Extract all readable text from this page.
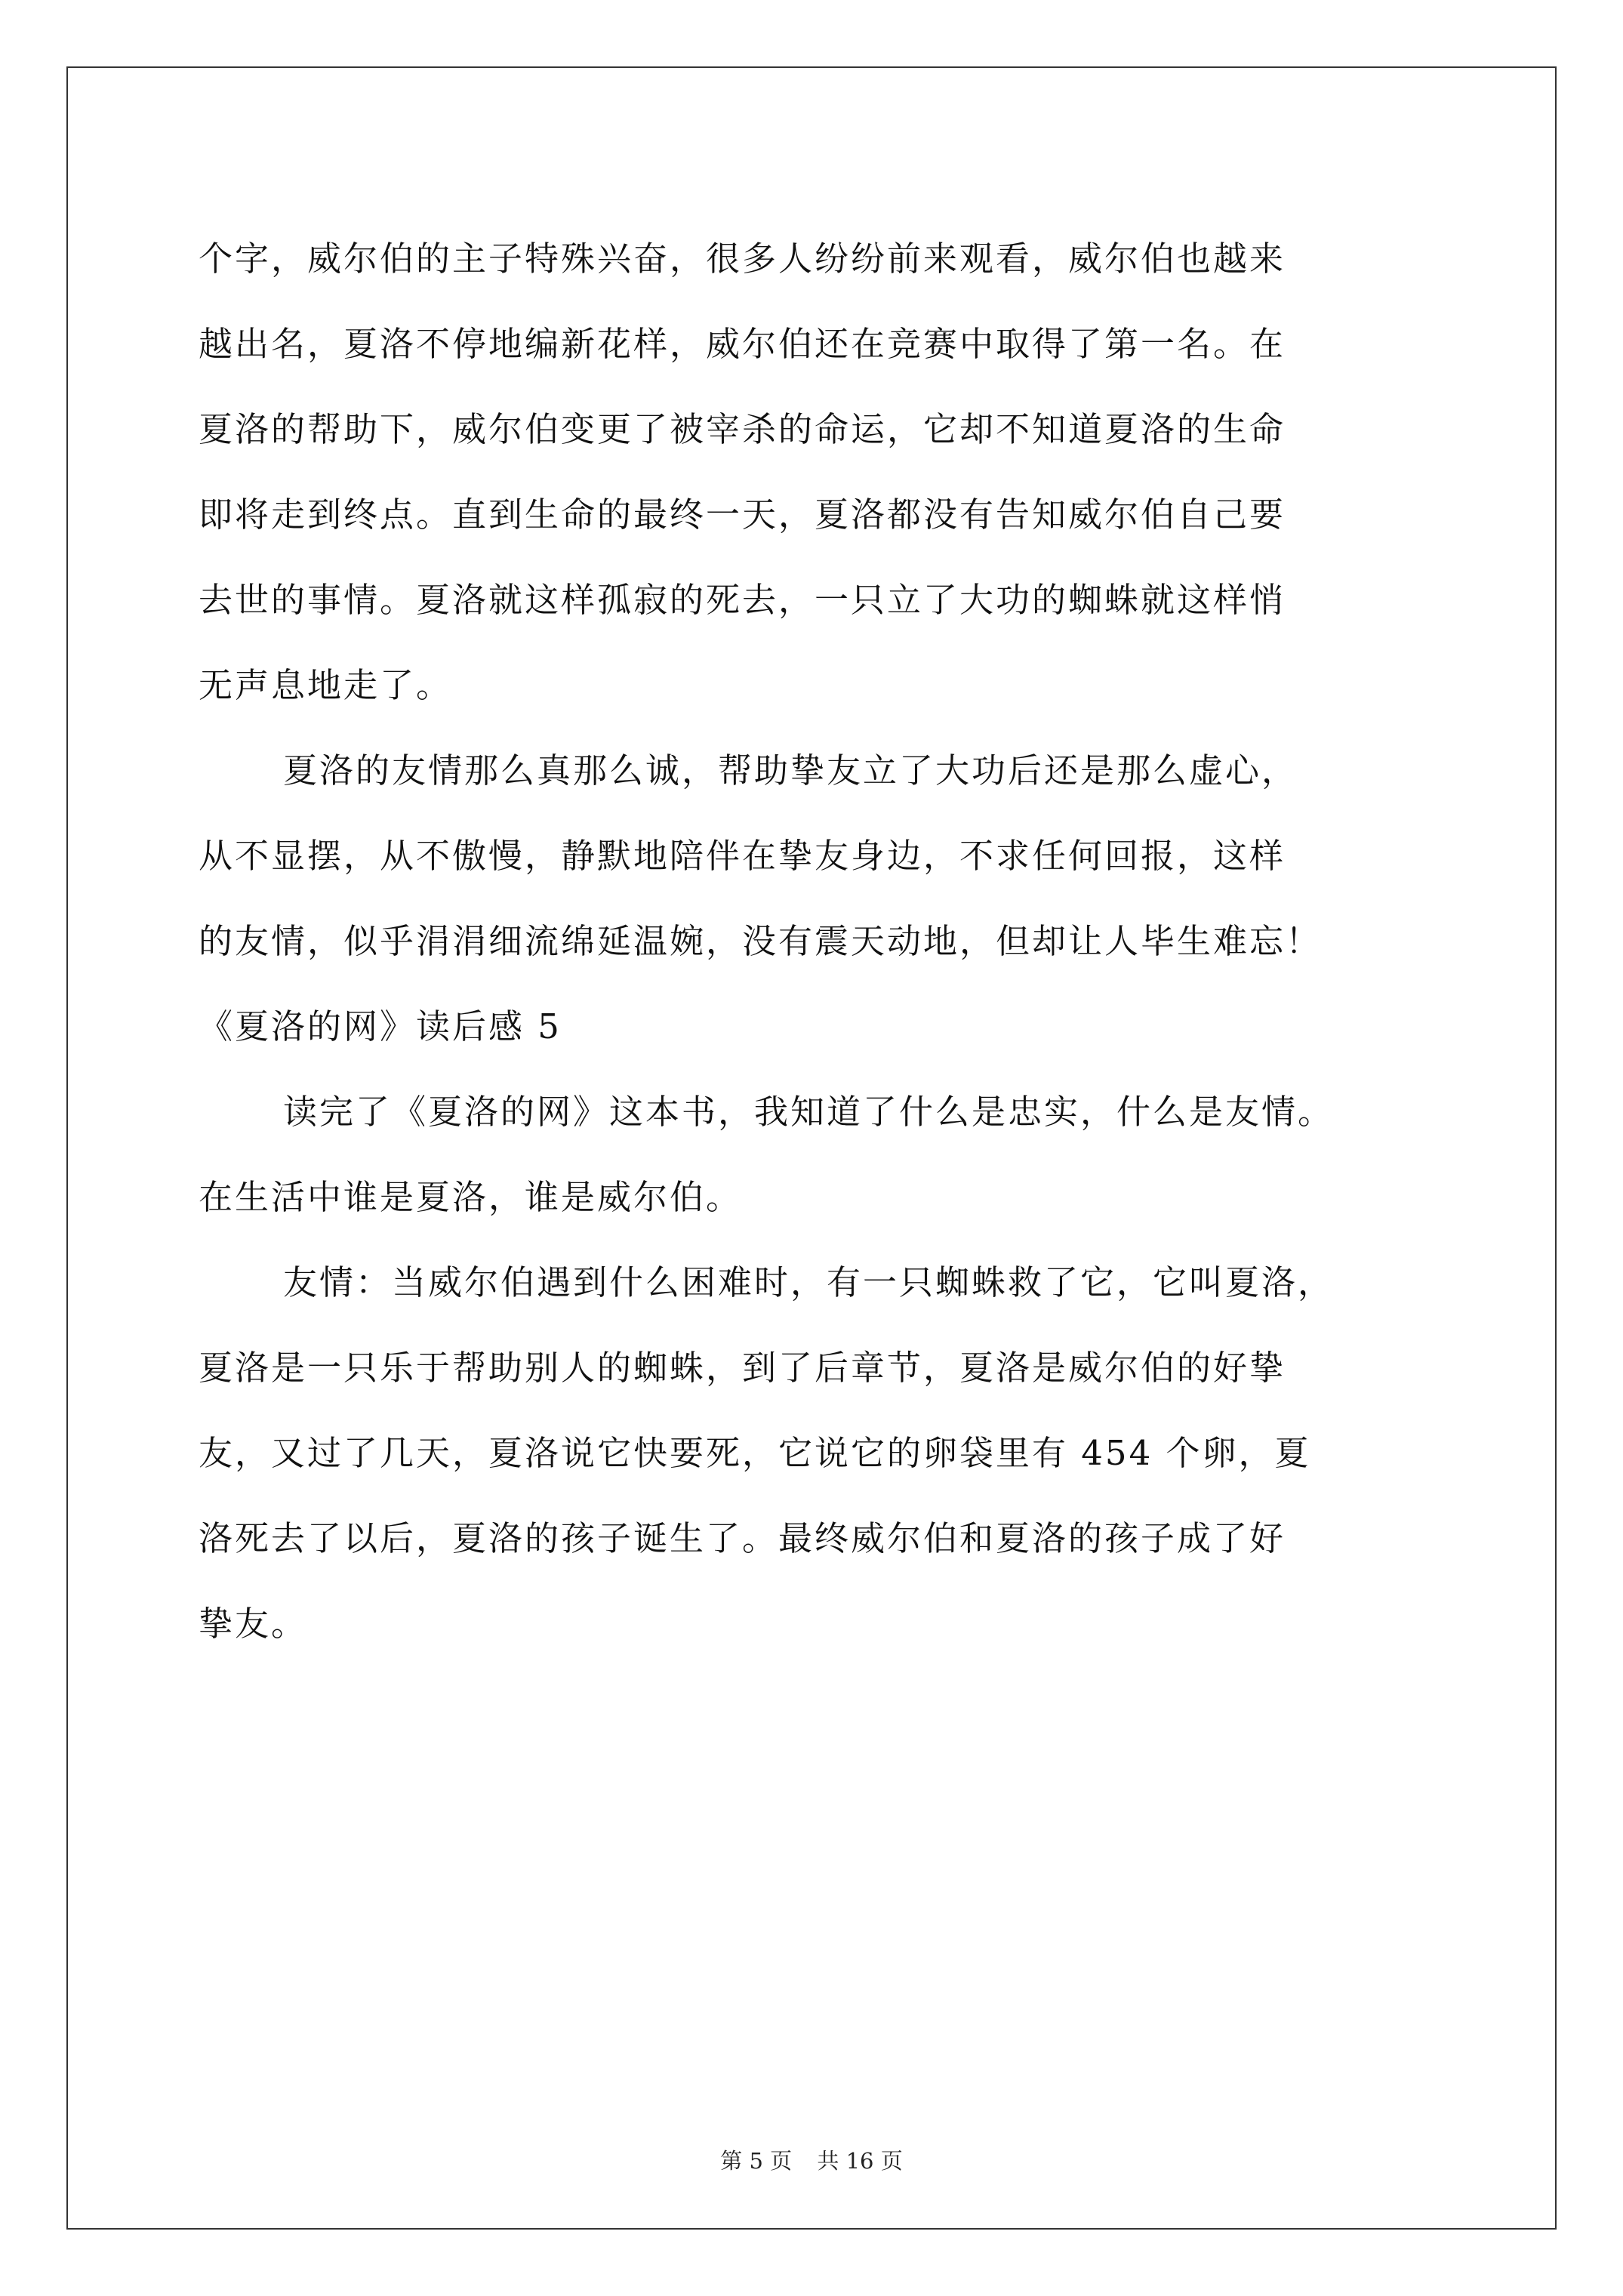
个字，威尔伯的主子特殊兴奋，很多人纷纷前来观看，威尔伯也越来
越出名，夏洛不停地编新花样，威尔伯还在竞赛中取得了第一名。在
夏洛的帮助下，威尔伯变更了被宰杀的命运，它却不知道夏洛的生命
即将走到终点。直到生命的最终一天，夏洛都没有告知威尔伯自己要
去世的事情。夏洛就这样孤寂的死去，一只立了大功的蜘蛛就这样悄
无声息地走了。
夏洛的友情那么真那么诚，帮助挚友立了大功后还是那么虚心，
从不显摆，从不傲慢，静默地陪伴在挚友身边，不求任何回报，这样
的友情，似乎涓涓细流绵延温婉，没有震天动地，但却让人毕生难忘！
《夏洛的网》读后感 5
读完了《夏洛的网》这本书，我知道了什么是忠实，什么是友情。
在生活中谁是夏洛，谁是威尔伯。
友情：当威尔伯遇到什么困难时，有一只蜘蛛救了它，它叫夏洛，
夏洛是一只乐于帮助别人的蜘蛛，到了后章节，夏洛是威尔伯的好挚
友，又过了几天，夏洛说它快要死，它说它的卵袋里有 454 个卵，夏
洛死去了以后，夏洛的孩子诞生了。最终威尔伯和夏洛的孩子成了好
挚友。
第 5 页 共 16 页
